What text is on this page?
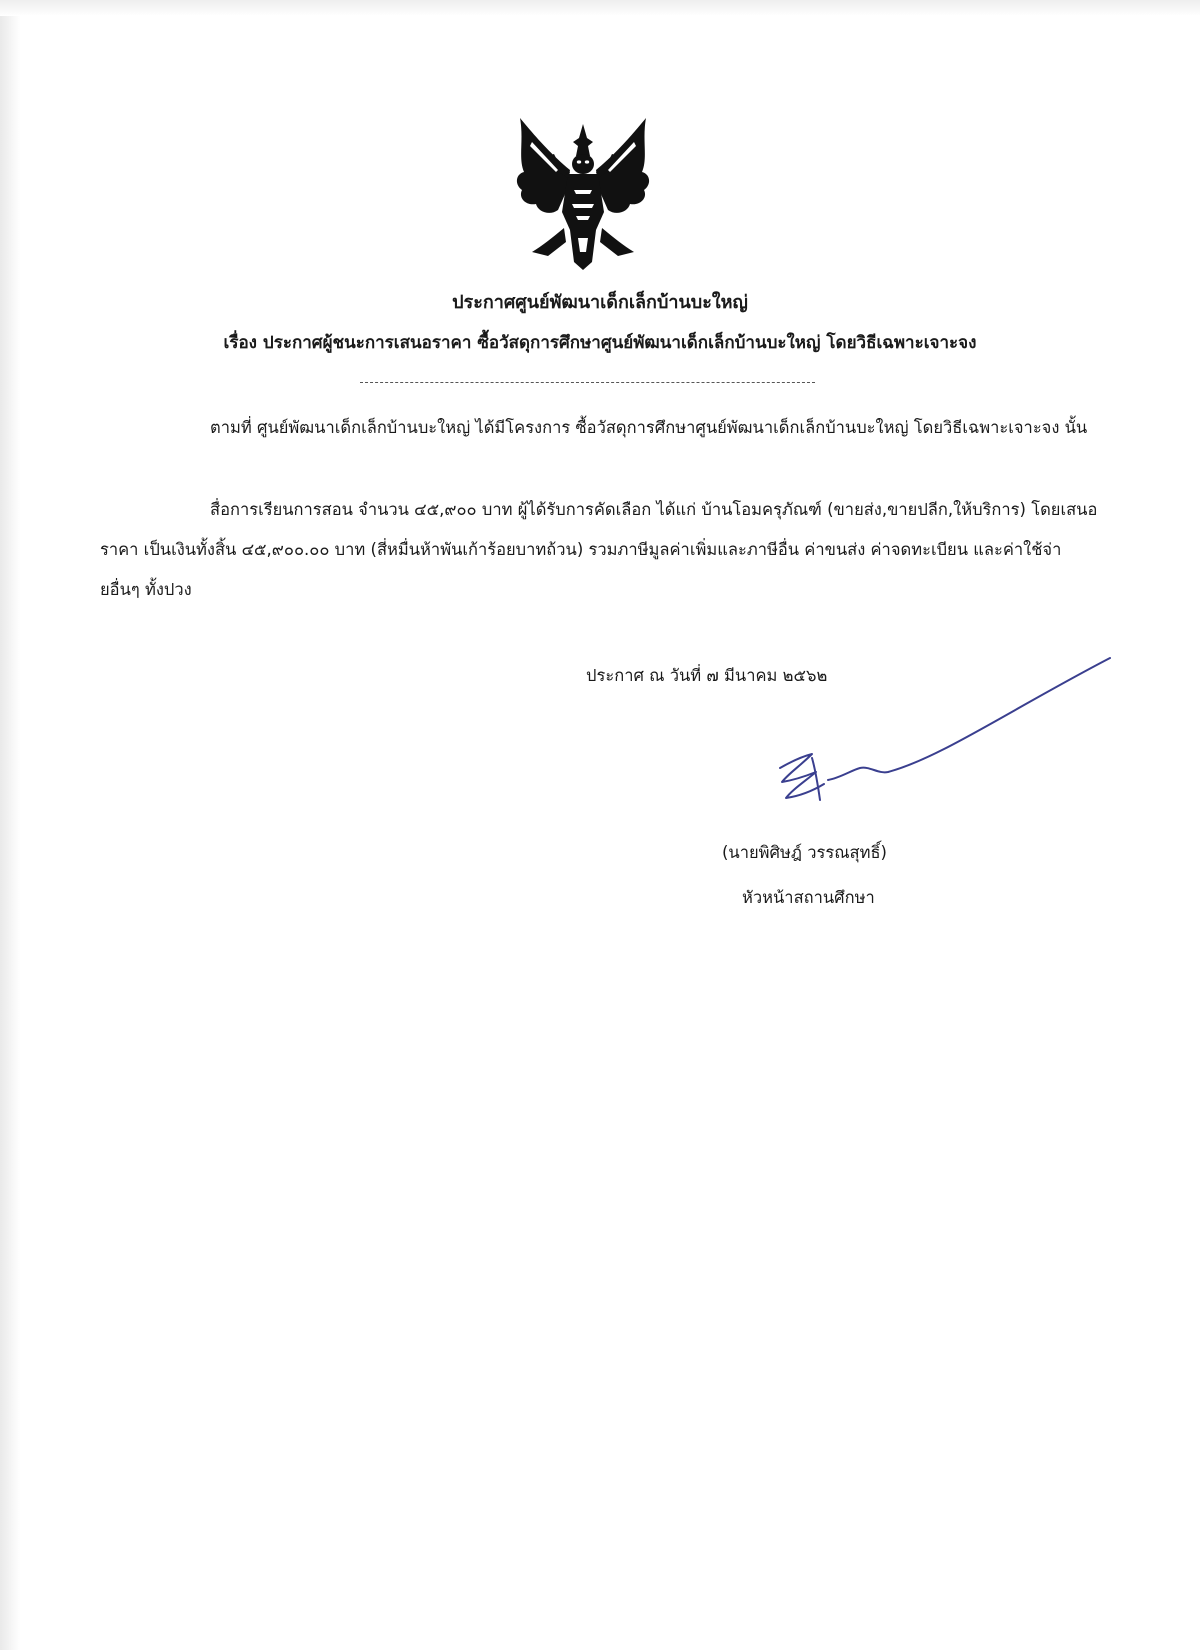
ประกาศศูนย์พัฒนาเด็กเล็กบ้านบะใหญ่
เรื่อง ประกาศผู้ชนะการเสนอราคา ซื้อวัสดุการศึกษาศูนย์พัฒนาเด็กเล็กบ้านบะใหญ่ โดยวิธีเฉพาะเจาะจง
ตามที่ ศูนย์พัฒนาเด็กเล็กบ้านบะใหญ่ ได้มีโครงการ ซื้อวัสดุการศึกษาศูนย์พัฒนาเด็กเล็กบ้านบะใหญ่ โดยวิธีเฉพาะเจาะจง นั้น
สื่อการเรียนการสอน จำนวน ๔๕,๙๐๐ บาท ผู้ได้รับการคัดเลือก ได้แก่ บ้านโอมครุภัณฑ์ (ขายส่ง,ขายปลีก,ให้บริการ) โดยเสนอราคา เป็นเงินทั้งสิ้น ๔๕,๙๐๐.๐๐ บาท (สี่หมื่นห้าพันเก้าร้อยบาทถ้วน) รวมภาษีมูลค่าเพิ่มและภาษีอื่น ค่าขนส่ง ค่าจดทะเบียน และค่าใช้จ่ายอื่นๆ ทั้งปวง
ประกาศ ณ วันที่ ๗ มีนาคม ๒๕๖๒
(นายพิศิษฎ์ วรรณสุทธิ์)
หัวหน้าสถานศึกษา
